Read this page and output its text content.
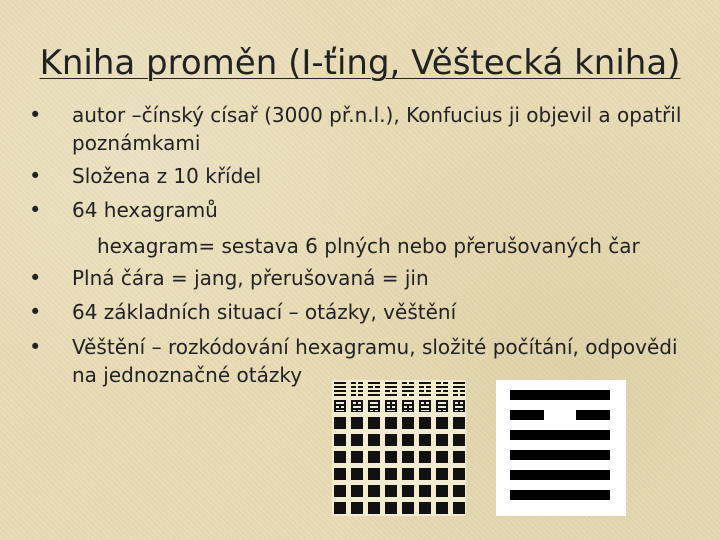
Kniha proměn (I-ťing, Věštecká kniha)
• autor –čínský císař (3000 př.n.l.), Konfucius ji objevil a opatřil
poznámkami
• Složena z 10 křídel
• 64 hexagramů
hexagram= sestava 6 plných nebo přerušovaných čar
• Plná čára = jang, přerušovaná = jin
• 64 základních situací – otázky, věštění
• Věštění – rozkódování hexagramu, složité počítání, odpovědi
na jednoznačné otázky
